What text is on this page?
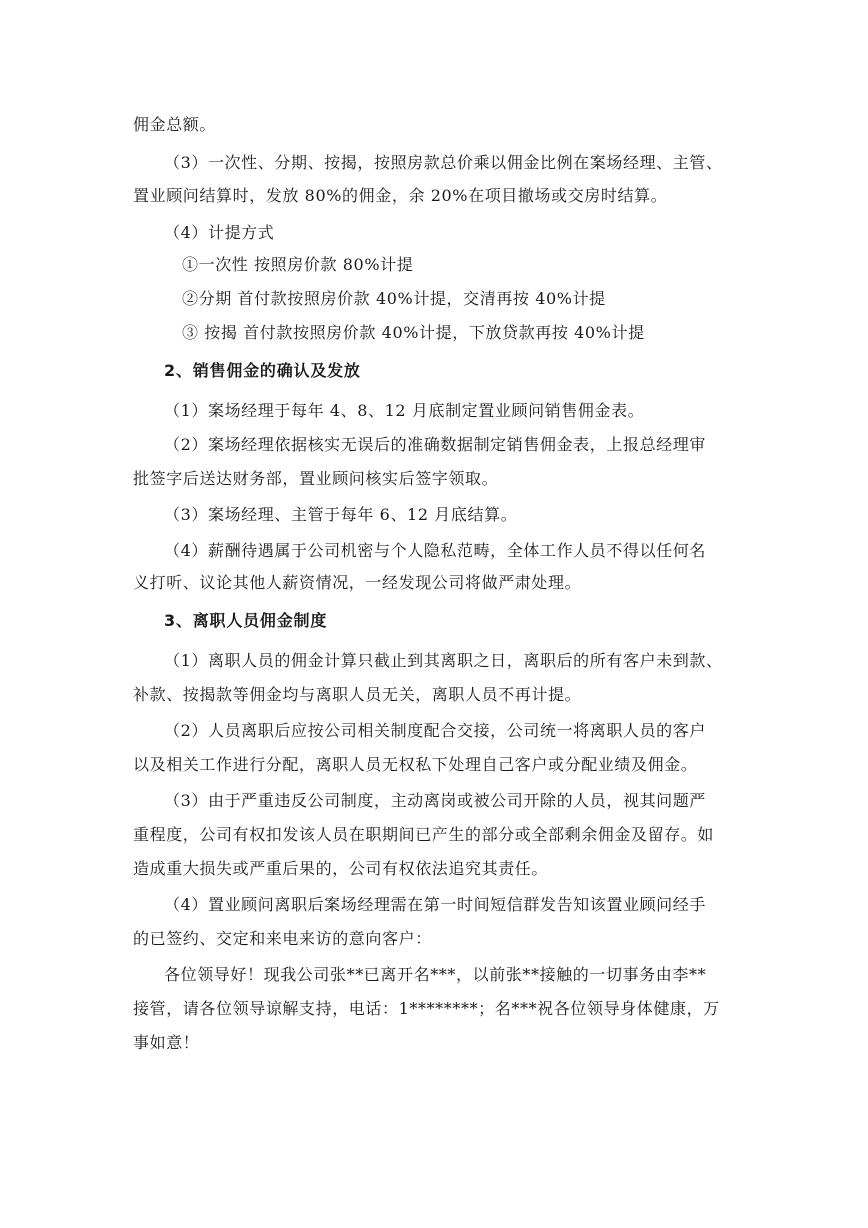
佣金总额。
（3）一次性、分期、按揭，按照房款总价乘以佣金比例在案场经理、主管、
置业顾问结算时，发放 80%的佣金，余 20%在项目撤场或交房时结算。
（4）计提方式
①一次性 按照房价款 80%计提
②分期 首付款按照房价款 40%计提，交清再按 40%计提
③ 按揭 首付款按照房价款 40%计提，下放贷款再按 40%计提
2、销售佣金的确认及发放
（1）案场经理于每年 4、8、12 月底制定置业顾问销售佣金表。
（2）案场经理依据核实无误后的准确数据制定销售佣金表，上报总经理审
批签字后送达财务部，置业顾问核实后签字领取。
（3）案场经理、主管于每年 6、12 月底结算。
（4）薪酬待遇属于公司机密与个人隐私范畴，全体工作人员不得以任何名
义打听、议论其他人薪资情况，一经发现公司将做严肃处理。
3、离职人员佣金制度
（1）离职人员的佣金计算只截止到其离职之日，离职后的所有客户未到款、
补款、按揭款等佣金均与离职人员无关，离职人员不再计提。
（2）人员离职后应按公司相关制度配合交接，公司统一将离职人员的客户
以及相关工作进行分配，离职人员无权私下处理自己客户或分配业绩及佣金。
（3）由于严重违反公司制度，主动离岗或被公司开除的人员，视其问题严
重程度，公司有权扣发该人员在职期间已产生的部分或全部剩余佣金及留存。如
造成重大损失或严重后果的，公司有权依法追究其责任。
（4）置业顾问离职后案场经理需在第一时间短信群发告知该置业顾问经手
的已签约、交定和来电来访的意向客户：
各位领导好！现我公司张**已离开名***，以前张**接触的一切事务由李**
接管，请各位领导谅解支持，电话：1********；名***祝各位领导身体健康，万
事如意！
